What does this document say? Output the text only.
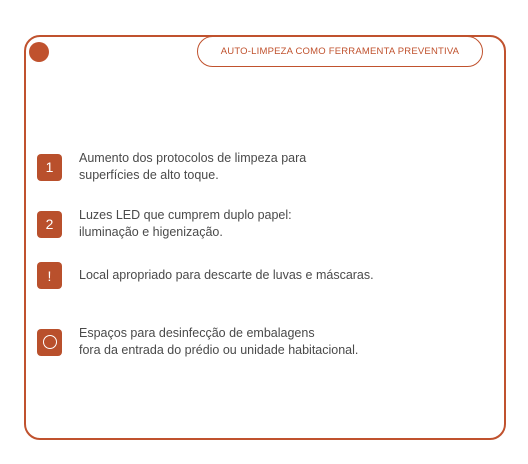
AUTO-LIMPEZA COMO FERRAMENTA PREVENTIVA
1
Aumento dos protocolos de limpeza para
superfícies de alto toque.
2
Luzes LED que cumprem duplo papel:
iluminação e higenização.
!	Local apropriado para descarte de luvas e máscaras.
Espaços para desinfecção de embalagens
fora da entrada do prédio ou unidade habitacional.
